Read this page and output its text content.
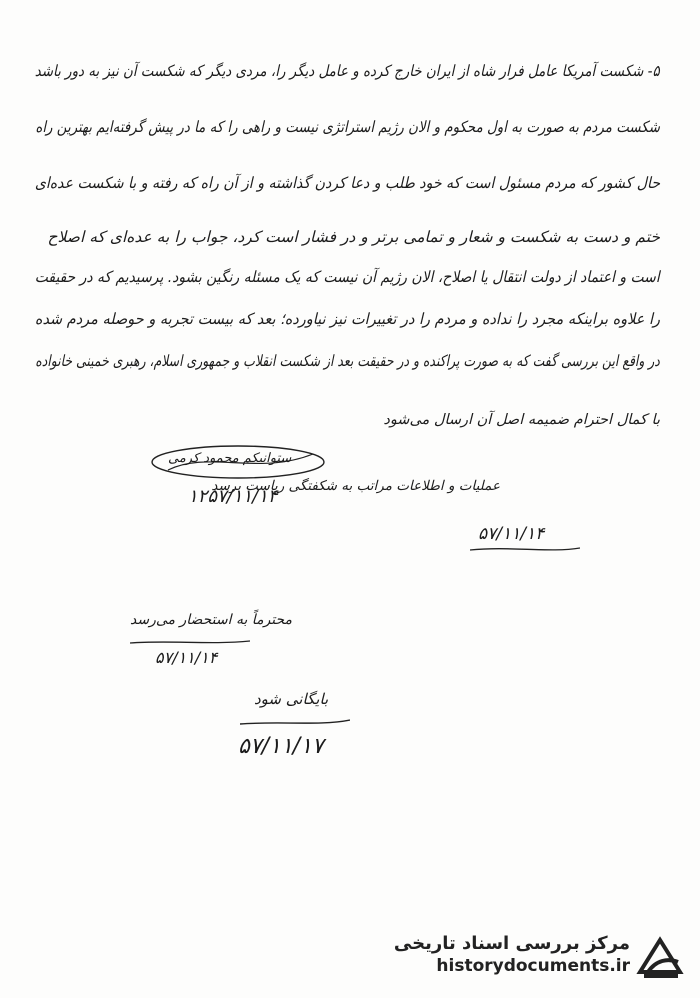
۵- شکست آمریکا عامل فرار شاه از ایران خارج کرده و عامل دیگر را، مردی دیگر که شکست آن نیز به دور باشد
شکست مردم به صورت به اول محکوم و الان رژیم استراتژی نیست و راهی را که ما در پیش گرفته‌ایم بهترین راه
حال کشور که مردم مسئول است که خود طلب و دعا کردن گذاشته و از آن راه که رفته و با شکست عده‌ای
ختم و دست به شکست و شعار و تمامی برتر و در فشار است کرد، جواب را به عده‌ای که اصلاح
است و اعتماد از دولت انتقال یا اصلاح، الان رژیم آن نیست که یک مسئله رنگین بشود. پرسیدیم که در حقیقت
را علاوه براینکه مجرد را نداده و مردم را در تغییرات نیز نیاورده؛ بعد که بیست تجربه و حوصله مردم شده
در واقع این بررسی گفت که به صورت پراکنده و در حقیقت بعد از شکست انقلاب و جمهوری اسلام، رهبری خمینی خانواده
با کمال احترام ضمیمه اصل آن ارسال می‌شود
ستوانیکم محمود کرمی
۱۲۵۷/۱۱/۱۴
عملیات و اطلاعات مراتب به شکفتگی ریاست برسد
۵۷/۱۱/۱۴
محترماً به استحضار می‌رسد
۵۷/۱۱/۱۴
بایگانی شود
۵۷/۱۱/۱۷
مرکز بررسی اسناد تاریخی
historydocuments.ir
